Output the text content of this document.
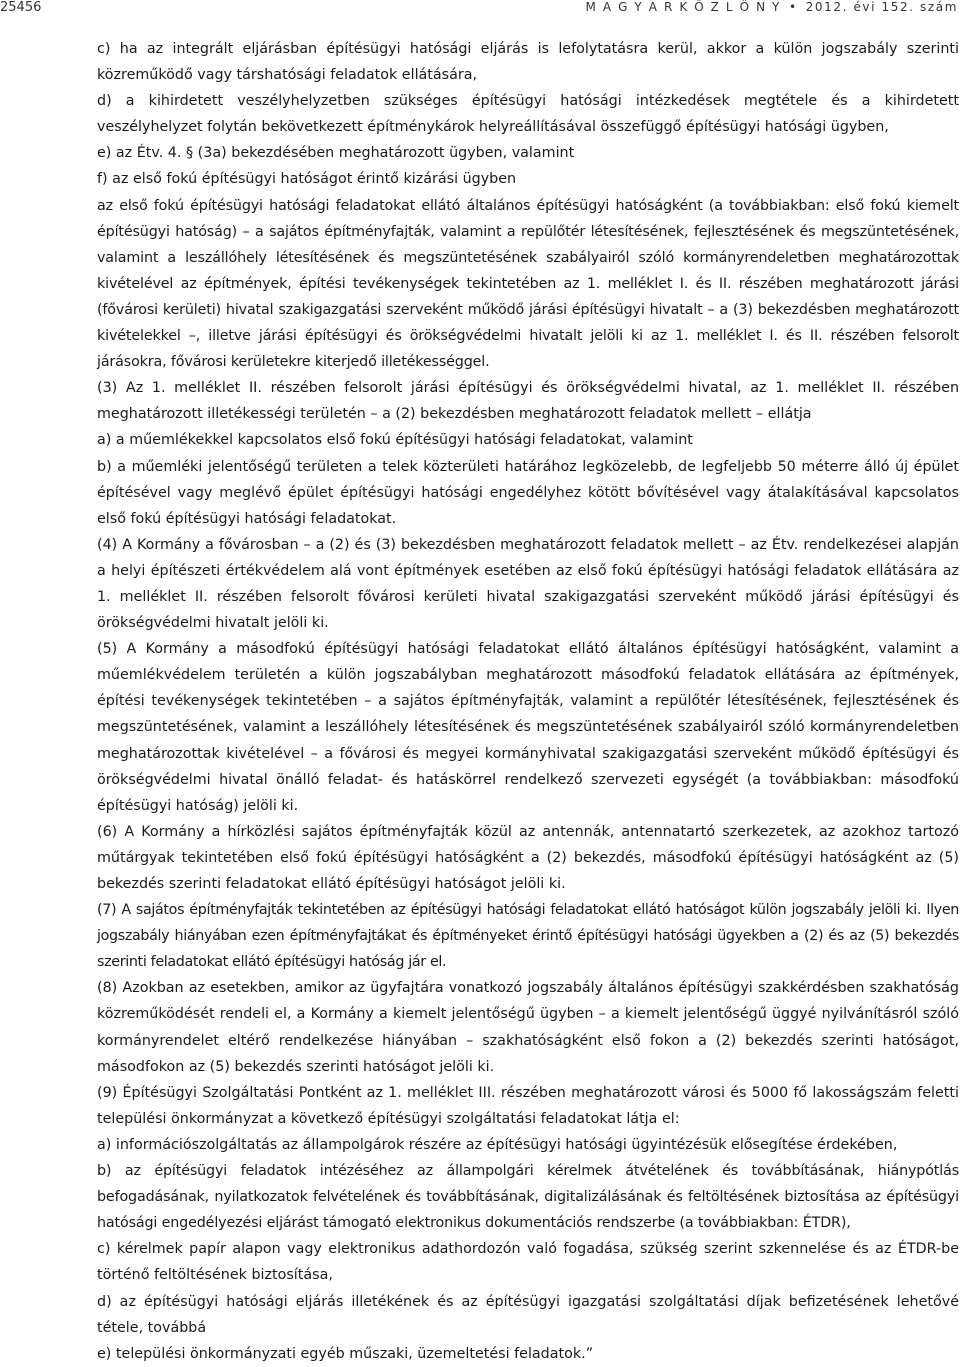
25456	M A G Y A R K Ö Z L Ö N Y • 2012. évi 152. szám

c) ha az integrált eljárásban építésügyi hatósági eljárás is lefolytatásra kerül, akkor a külön jogszabály szerinti közreműködő vagy társhatósági feladatok ellátására,

d) a kihirdetett veszélyhelyzetben szükséges építésügyi hatósági intézkedések megtétele és a kihirdetett veszélyhelyzet folytán bekövetkezett építménykárok helyreállításával összefüggő építésügyi hatósági ügyben,

e) az Étv. 4. § (3a) bekezdésében meghatározott ügyben, valamint

f) az első fokú építésügyi hatóságot érintő kizárási ügyben

az első fokú építésügyi hatósági feladatokat ellátó általános építésügyi hatóságként (a továbbiakban: első fokú kiemelt építésügyi hatóság) – a sajátos építményfajták, valamint a repülőtér létesítésének, fejlesztésének és megszüntetésének, valamint a leszállóhely létesítésének és megszüntetésének szabályairól szóló kormányrendeletben meghatározottak kivételével az építmények, építési tevékenységek tekintetében az 1. melléklet I. és II. részében meghatározott járási (fővárosi kerületi) hivatal szakigazgatási szerveként működő járási építésügyi hivatalt – a (3) bekezdésben meghatározott kivételekkel –, illetve járási építésügyi és örökségvédelmi hivatalt jelöli ki az 1. melléklet I. és II. részében felsorolt járásokra, fővárosi kerületekre kiterjedő illetékességgel.

(3) Az 1. melléklet II. részében felsorolt járási építésügyi és örökségvédelmi hivatal, az 1. melléklet II. részében meghatározott illetékességi területén – a (2) bekezdésben meghatározott feladatok mellett – ellátja

a) a műemlékekkel kapcsolatos első fokú építésügyi hatósági feladatokat, valamint

b) a műemléki jelentőségű területen a telek közterületi határához legközelebb, de legfeljebb 50 méterre álló új épület építésével vagy meglévő épület építésügyi hatósági engedélyhez kötött bővítésével vagy átalakításával kapcsolatos első fokú építésügyi hatósági feladatokat.

(4) A Kormány a fővárosban – a (2) és (3) bekezdésben meghatározott feladatok mellett – az Étv. rendelkezései alapján a helyi építészeti értékvédelem alá vont építmények esetében az első fokú építésügyi hatósági feladatok ellátására az 1. melléklet II. részében felsorolt fővárosi kerületi hivatal szakigazgatási szerveként működő járási építésügyi és örökségvédelmi hivatalt jelöli ki.

(5) A Kormány a másodfokú építésügyi hatósági feladatokat ellátó általános építésügyi hatóságként, valamint a műemlékvédelem területén a külön jogszabályban meghatározott másodfokú feladatok ellátására az építmények, építési tevékenységek tekintetében – a sajátos építményfajták, valamint a repülőtér létesítésének, fejlesztésének és megszüntetésének, valamint a leszállóhely létesítésének és megszüntetésének szabályairól szóló kormányrendeletben meghatározottak kivételével – a fővárosi és megyei kormányhivatal szakigazgatási szerveként működő építésügyi és örökségvédelmi hivatal önálló feladat- és hatáskörrel rendelkező szervezeti egységét (a továbbiakban: másodfokú építésügyi hatóság) jelöli ki.

(6) A Kormány a hírközlési sajátos építményfajták közül az antennák, antennatartó szerkezetek, az azokhoz tartozó műtárgyak tekintetében első fokú építésügyi hatóságként a (2) bekezdés, másodfokú építésügyi hatóságként az (5) bekezdés szerinti feladatokat ellátó építésügyi hatóságot jelöli ki.

(7) A sajátos építményfajták tekintetében az építésügyi hatósági feladatokat ellátó hatóságot külön jogszabály jelöli ki. Ilyen jogszabály hiányában ezen építményfajtákat és építményeket érintő építésügyi hatósági ügyekben a (2) és az (5) bekezdés szerinti feladatokat ellátó építésügyi hatóság jár el.

(8) Azokban az esetekben, amikor az ügyfajtára vonatkozó jogszabály általános építésügyi szakkérdésben szakhatóság közreműködését rendeli el, a Kormány a kiemelt jelentőségű ügyben – a kiemelt jelentőségű üggyé nyilvánításról szóló kormányrendelet eltérő rendelkezése hiányában – szakhatóságként első fokon a (2) bekezdés szerinti hatóságot, másodfokon az (5) bekezdés szerinti hatóságot jelöli ki.

(9) Építésügyi Szolgáltatási Pontként az 1. melléklet III. részében meghatározott városi és 5000 fő lakosságszám feletti települési önkormányzat a következő építésügyi szolgáltatási feladatokat látja el:

a) információszolgáltatás az állampolgárok részére az építésügyi hatósági ügyintézésük elősegítése érdekében,

b) az építésügyi feladatok intézéséhez az állampolgári kérelmek átvételének és továbbításának, hiánypótlás befogadásának, nyilatkozatok felvételének és továbbításának, digitalizálásának és feltöltésének biztosítása az építésügyi hatósági engedélyezési eljárást támogató elektronikus dokumentációs rendszerbe (a továbbiakban: ÉTDR),

c) kérelmek papír alapon vagy elektronikus adathordozón való fogadása, szükség szerint szkennelése és az ÉTDR-be történő feltöltésének biztosítása,

d) az építésügyi hatósági eljárás illetékének és az építésügyi igazgatási szolgáltatási díjak befizetésének lehetővé tétele, továbbá

e) települési önkormányzati egyéb műszaki, üzemeltetési feladatok.”
